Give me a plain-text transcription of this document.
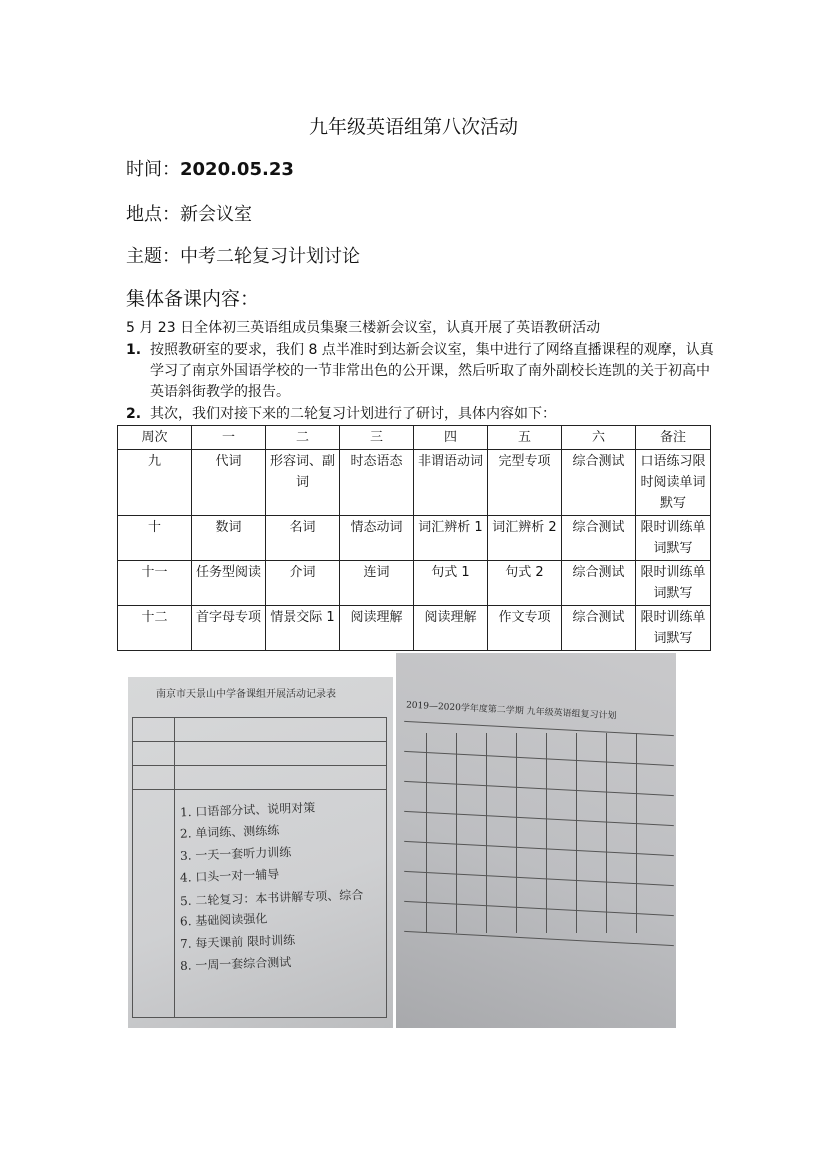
九年级英语组第八次活动
时间：2020.05.23
地点：新会议室
主题：中考二轮复习计划讨论
集体备课内容：
5 月 23 日全体初三英语组成员集聚三楼新会议室，认真开展了英语教研活动
1. 按照教研室的要求，我们 8 点半准时到达新会议室，集中进行了网络直播课程的观摩，认真学习了南京外国语学校的一节非常出色的公开课，然后听取了南外副校长连凯的关于初高中英语斜街教学的报告。
2. 其次，我们对接下来的二轮复习计划进行了研讨，具体内容如下：
周次	一	二	三	四	五	六	备注
九	代词	形容词、副词	时态语态	非谓语动词	完型专项	综合测试	口语练习限时阅读单词默写
十	数词	名词	情态动词	词汇辨析 1	词汇辨析 2	综合测试	限时训练单词默写
十一	任务型阅读	介词	连词	句式 1	句式 2	综合测试	限时训练单词默写
十二	首字母专项	情景交际 1	阅读理解	阅读理解	作文专项	综合测试	限时训练单词默写
南京市天景山中学备课组开展活动记录表
1. 口语部分试、说明对策
2. 单词练、测练练
3. 一天一套听力训练
4. 口头一对一辅导
5. 二轮复习：本书讲解专项、综合
6. 基础阅读强化
7. 每天课前 限时训练
8. 一周一套综合测试
2019—2020学年度第二学期 九年级英语组复习计划
